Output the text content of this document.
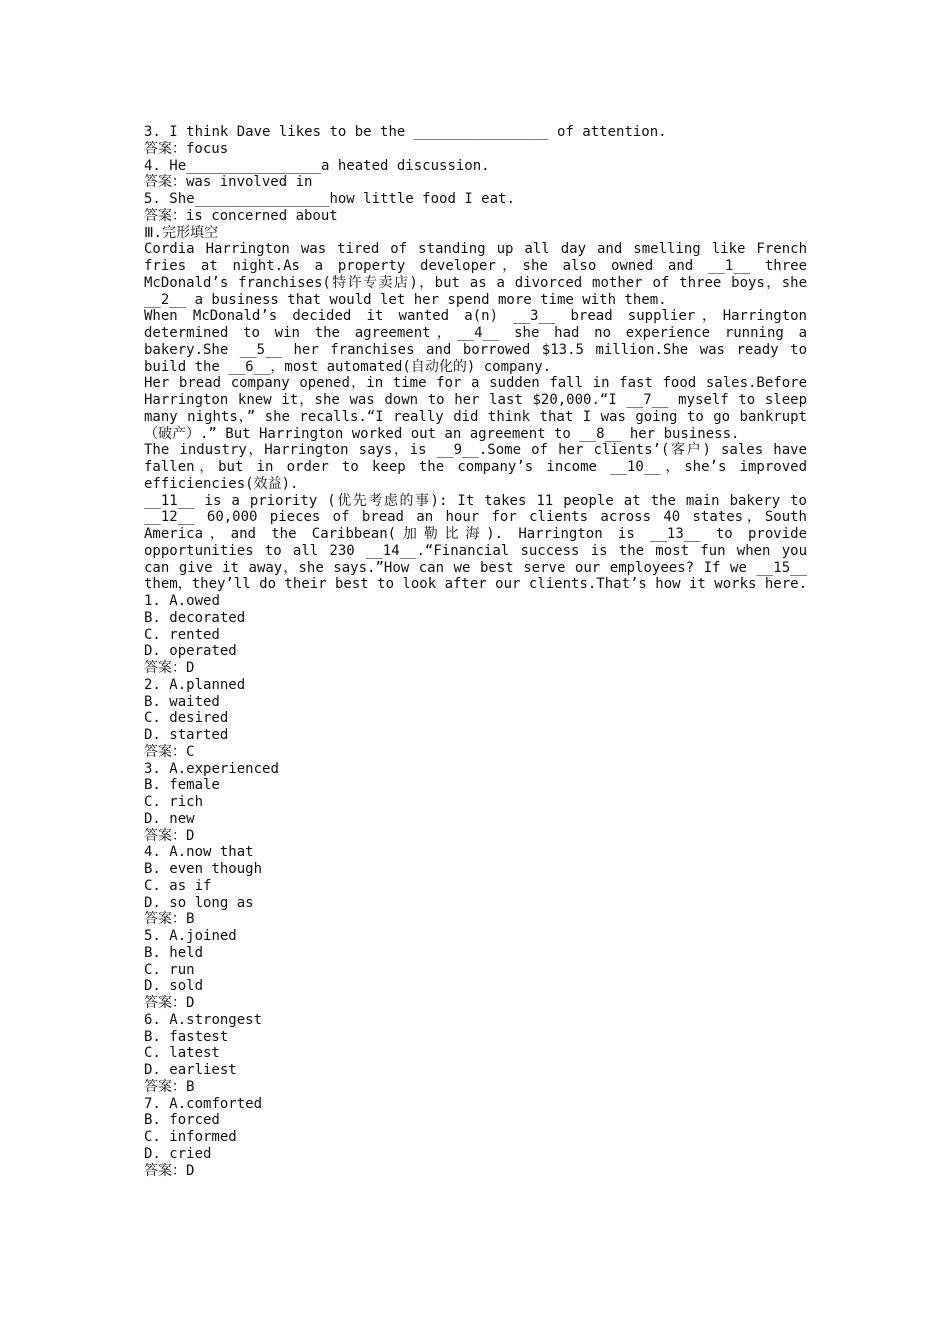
3. I think Dave likes to be the ________________ of attention.
答案：focus
4. He________________a heated discussion.
答案：was involved in
5. She________________how little food I eat.
答案：is concerned about
Ⅲ.完形填空
Cordia Harrington was tired of standing up all day and smelling like French fries at night.As a property developer，she also owned and __1__ three McDonald’s franchises(特许专卖店)，but as a divorced mother of three boys，she __2__ a business that would let her spend more time with them.
When McDonald’s decided it wanted a(n) __3__ bread supplier，Harrington determined to win the agreement，__4__ she had no experience running a bakery.She __5__ her franchises and borrowed $13.5 million.She was ready to build the __6__，most automated(自动化的) company.
Her bread company opened，in time for a sudden fall in fast food sales.Before Harrington knew it，she was down to her last $20,000.“I __7__ myself to sleep many nights，” she recalls.“I really did think that I was going to go bankrupt（破产）.” But Harrington worked out an agreement to __8__ her business.
The industry，Harrington says，is __9__.Some of her clients’(客户) sales have fallen，but in order to keep the company’s income __10__，she’s improved efficiencies(效益).
__11__ is a priority (优先考虑的事): It takes 11 people at the main bakery to __12__ 60,000 pieces of bread an hour for clients across 40 states，South America，and the Caribbean(加勒比海). Harrington is __13__ to provide opportunities to all 230 __14__.“Financial success is the most fun when you can give it away，she says.”How can we best serve our employees? If we __15__ them，they’ll do their best to look after our clients.That’s how it works here.
1. A.owed
B. decorated
C. rented
D. operated
答案：D
2. A.planned
B. waited
C. desired
D. started
答案：C
3. A.experienced
B. female
C. rich
D. new
答案：D
4. A.now that
B. even though
C. as if
D. so long as
答案：B
5. A.joined
B. held
C. run
D. sold
答案：D
6. A.strongest
B. fastest
C. latest
D. earliest
答案：B
7. A.comforted
B. forced
C. informed
D. cried
答案：D
